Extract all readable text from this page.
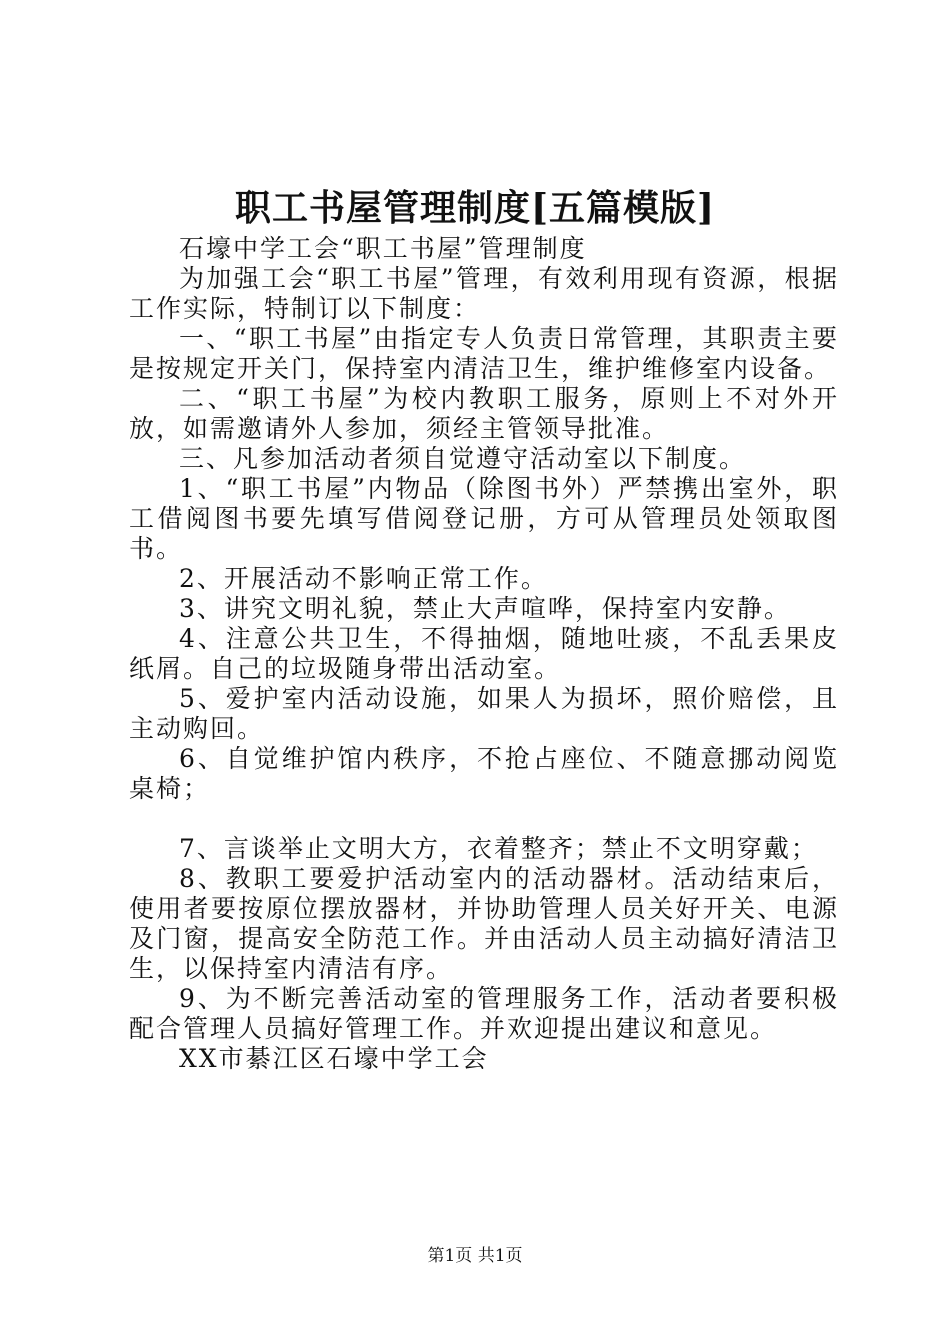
职工书屋管理制度[五篇模版]

石壕中学工会“职工书屋”管理制度

为加强工会“职工书屋”管理，有效利用现有资源，根据工作实际，特制订以下制度：

一、“职工书屋”由指定专人负责日常管理，其职责主要是按规定开关门，保持室内清洁卫生，维护维修室内设备。

二、“职工书屋”为校内教职工服务，原则上不对外开放，如需邀请外人参加，须经主管领导批准。

三、凡参加活动者须自觉遵守活动室以下制度。

1、“职工书屋”内物品（除图书外）严禁携出室外，职工借阅图书要先填写借阅登记册，方可从管理员处领取图书。

2、开展活动不影响正常工作。

3、讲究文明礼貌，禁止大声喧哗，保持室内安静。

4、注意公共卫生，不得抽烟，随地吐痰，不乱丢果皮纸屑。自己的垃圾随身带出活动室。

5、爱护室内活动设施，如果人为损坏，照价赔偿，且主动购回。

6、自觉维护馆内秩序，不抢占座位、不随意挪动阅览桌椅；

7、言谈举止文明大方，衣着整齐；禁止不文明穿戴；

8、教职工要爱护活动室内的活动器材。活动结束后，使用者要按原位摆放器材，并协助管理人员关好开关、电源及门窗，提高安全防范工作。并由活动人员主动搞好清洁卫生，以保持室内清洁有序。

9、为不断完善活动室的管理服务工作，活动者要积极配合管理人员搞好管理工作。并欢迎提出建议和意见。

XX市綦江区石壕中学工会

第1页 共1页
